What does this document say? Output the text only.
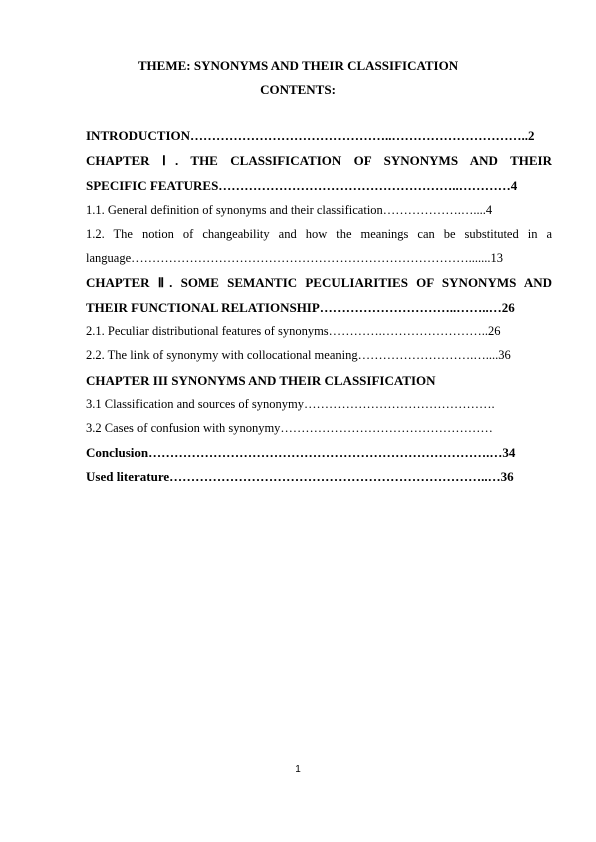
THEME: SYNONYMS AND THEIR CLASSIFICATION
CONTENTS:
INTRODUCTION………………………………………..…………………………..2
CHAPTER Ⅰ. THE CLASSIFICATION OF SYNONYMS AND THEIR
SPECIFIC FEATURES………………………………………………..…………4
1.1. General definition of synonyms and their classification……………….…....4
1.2. The notion of changeability and how the meanings can be substituted in a
language……………………………………………………………………….......13
CHAPTER Ⅱ. SOME SEMANTIC PECULIARITIES OF SYNONYMS AND
THEIR FUNCTIONAL RELATIONSHIP…………………………..……..…26
2.1. Peculiar distributional features of synonyms………….……………………..26
2.2. The link of synonymy with collocational meaning……………………….…....36
CHAPTER III SYNONYMS AND THEIR CLASSIFICATION
3.1 Classification and sources of synonymy……………………………………….
3.2 Cases of confusion with synonymy……………………………………………
Conclusion…………………………………………………………………….…34
Used literature………………………………………………………………..…36
1
